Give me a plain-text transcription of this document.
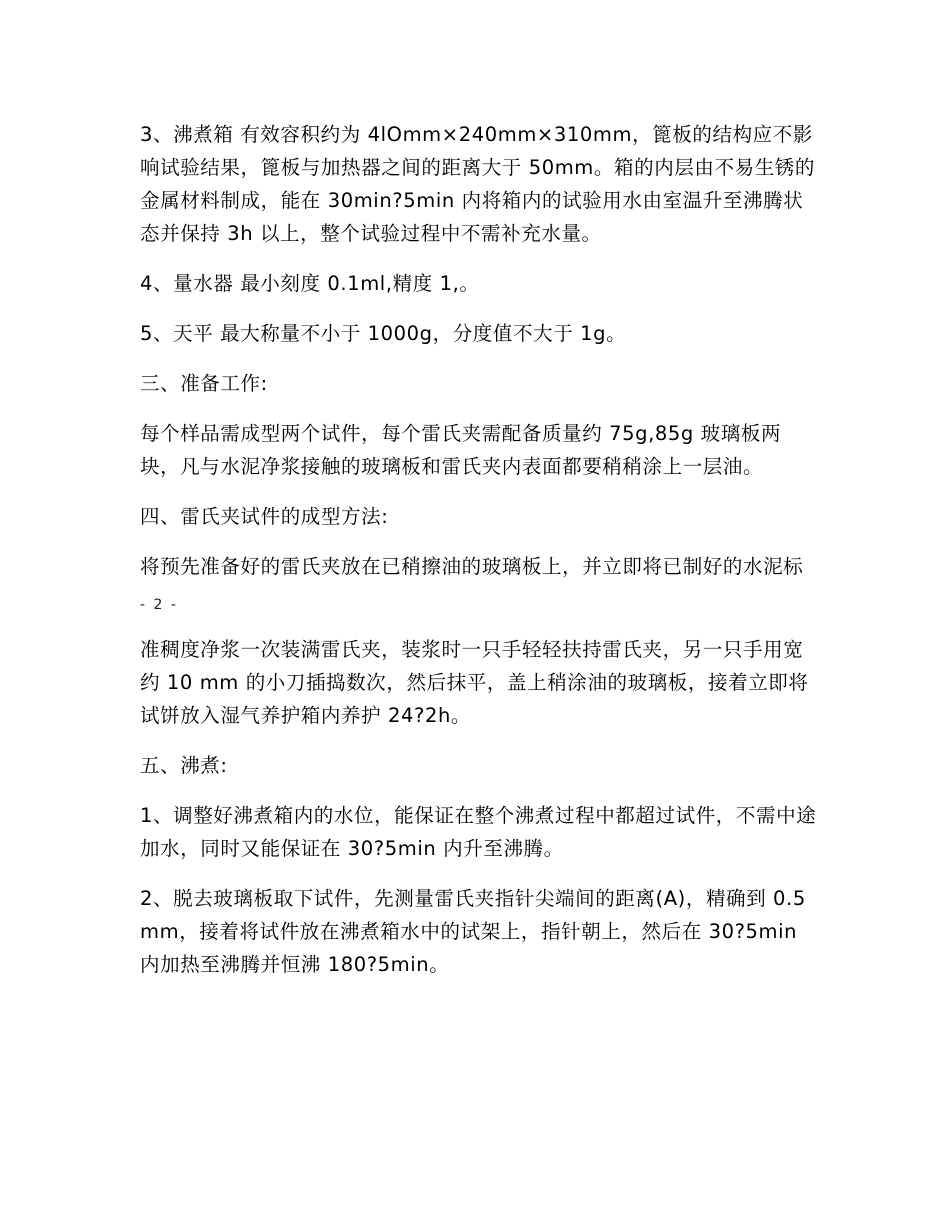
3、沸煮箱 有效容积约为 4lOmm×240mm×310mm，篦板的结构应不影响试验结果，篦板与加热器之间的距离大于 50mm。箱的内层由不易生锈的金属材料制成，能在 30min?5min 内将箱内的试验用水由室温升至沸腾状态并保持 3h 以上，整个试验过程中不需补充水量。

4、量水器 最小刻度 0.1ml,精度 1,。

5、天平 最大称量不小于 1000g，分度值不大于 1g。

三、准备工作:

每个样品需成型两个试件，每个雷氏夹需配备质量约 75g,85g 玻璃板两块，凡与水泥净浆接触的玻璃板和雷氏夹内表面都要稍稍涂上一层油。

四、雷氏夹试件的成型方法:

将预先准备好的雷氏夹放在已稍擦油的玻璃板上，并立即将已制好的水泥标

- 2 -

准稠度净浆一次装满雷氏夹，装浆时一只手轻轻扶持雷氏夹，另一只手用宽约 10 mm 的小刀插捣数次，然后抹平，盖上稍涂油的玻璃板，接着立即将试饼放入湿气养护箱内养护 24?2h。

五、沸煮:

1、调整好沸煮箱内的水位，能保证在整个沸煮过程中都超过试件，不需中途加水，同时又能保证在 30?5min 内升至沸腾。

2、脱去玻璃板取下试件，先测量雷氏夹指针尖端间的距离(A)，精确到 0.5 mm，接着将试件放在沸煮箱水中的试架上，指针朝上，然后在 30?5min 内加热至沸腾并恒沸 180?5min。
